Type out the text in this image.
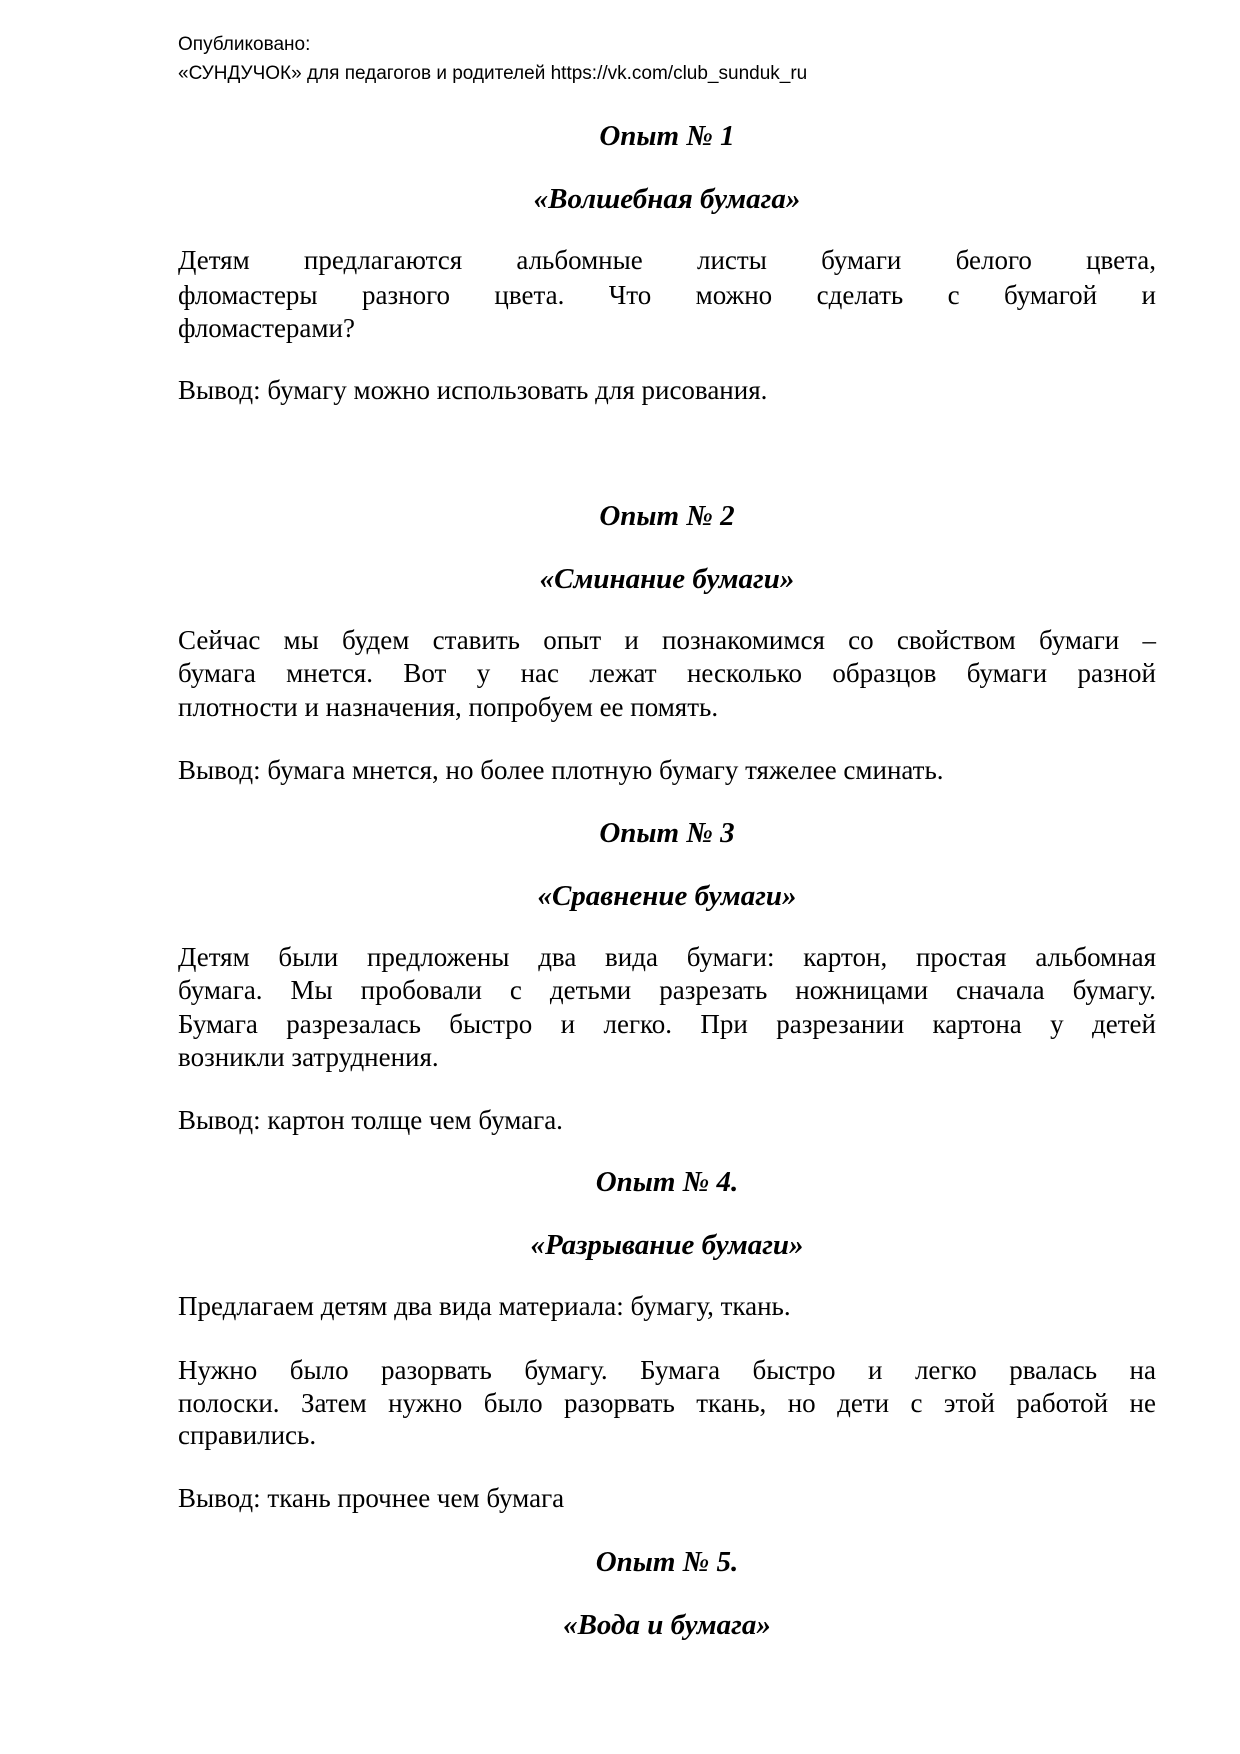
Опубликовано:
«СУНДУЧОК» для педагогов и родителей https://vk.com/club_sunduk_ru
Опыт № 1
«Волшебная бумага»
Детям предлагаются альбомные листы бумаги белого цвета,
фломастеры разного цвета. Что можно сделать с бумагой и
фломастерами?
Вывод: бумагу можно использовать для рисования.
Опыт № 2
«Сминание бумаги»
Сейчас мы будем ставить опыт и познакомимся со свойством бумаги –
бумага мнется. Вот у нас лежат несколько образцов бумаги разной
плотности и назначения, попробуем ее помять.
Вывод: бумага мнется, но более плотную бумагу тяжелее сминать.
Опыт № 3
«Сравнение бумаги»
Детям были предложены два вида бумаги: картон, простая альбомная
бумага. Мы пробовали с детьми разрезать ножницами сначала бумагу.
Бумага разрезалась быстро и легко. При разрезании картона у детей
возникли затруднения.
Вывод: картон толще чем бумага.
Опыт № 4.
«Разрывание бумаги»
Предлагаем детям два вида материала: бумагу, ткань.
Нужно было разорвать бумагу. Бумага быстро и легко рвалась на
полоски. Затем нужно было разорвать ткань, но дети с этой работой не
справились.
Вывод: ткань прочнее чем бумага
Опыт № 5.
«Вода и бумага»
